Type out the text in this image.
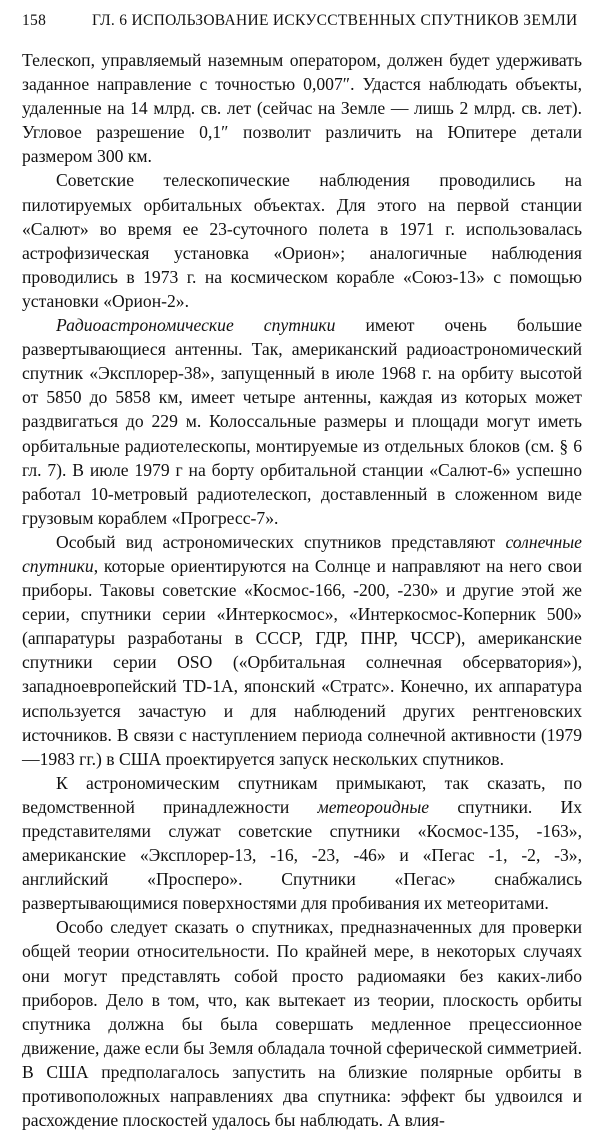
158	ГЛ. 6 ИСПОЛЬЗОВАНИЕ ИСКУССТВЕННЫХ СПУТНИКОВ ЗЕМЛИ

Телескоп, управляемый наземным оператором, должен будет удерживать заданное направление с точностью 0,007″. Удастся наблюдать объекты, удаленные на 14 млрд. св. лет (сейчас на Земле — лишь 2 млрд. св. лет). Угловое разрешение 0,1″ позволит различить на Юпитере детали размером 300 км.

Советские телескопические наблюдения проводились на пилотируемых орбитальных объектах. Для этого на первой станции «Салют» во время ее 23-суточного полета в 1971 г. использовалась астрофизическая установка «Орион»; аналогичные наблюдения проводились в 1973 г. на космическом корабле «Союз-13» с помощью установки «Орион-2».

Радиоастрономические спутники имеют очень большие развертывающиеся антенны. Так, американский радиоастрономический спутник «Эксплорер-38», запущенный в июле 1968 г. на орбиту высотой от 5850 до 5858 км, имеет четыре антенны, каждая из которых может раздвигаться до 229 м. Колоссальные размеры и площади могут иметь орбитальные радиотелескопы, монтируемые из отдельных блоков (см. § 6 гл. 7). В июле 1979 г на борту орбитальной станции «Салют-6» успешно работал 10-метровый радиотелескоп, доставленный в сложенном виде грузовым кораблем «Прогресс-7».

Особый вид астрономических спутников представляют солнечные спутники, которые ориентируются на Солнце и направляют на него свои приборы. Таковы советские «Космос-166, -200, -230» и другие этой же серии, спутники серии «Интеркосмос», «Интеркосмос-Коперник 500» (аппаратуры разработаны в СССР, ГДР, ПНР, ЧССР), американские спутники серии OSO («Орбитальная солнечная обсерватория»), западноевропейский TD-1A, японский «Стратс». Конечно, их аппаратура используется зачастую и для наблюдений других рентгеновских источников. В связи с наступлением периода солнечной активности (1979—1983 гг.) в США проектируется запуск нескольких спутников.

К астрономическим спутникам примыкают, так сказать, по ведомственной принадлежности метеороидные спутники. Их представителями служат советские спутники «Космос-135, -163», американские «Эксплорер-13, -16, -23, -46» и «Пегас -1, -2, -3», английский «Просперо». Спутники «Пегас» снабжались развертывающимися поверхностями для пробивания их метеоритами.

Особо следует сказать о спутниках, предназначенных для проверки общей теории относительности. По крайней мере, в некоторых случаях они могут представлять собой просто радиомаяки без каких-либо приборов. Дело в том, что, как вытекает из теории, плоскость орбиты спутника должна бы была совершать медленное прецессионное движение, даже если бы Земля обладала точной сферической симметрией. В США предполагалось запустить на близкие полярные орбиты в противоположных направлениях два спутника: эффект бы удвоился и расхождение плоскостей удалось бы наблюдать. А влия-
